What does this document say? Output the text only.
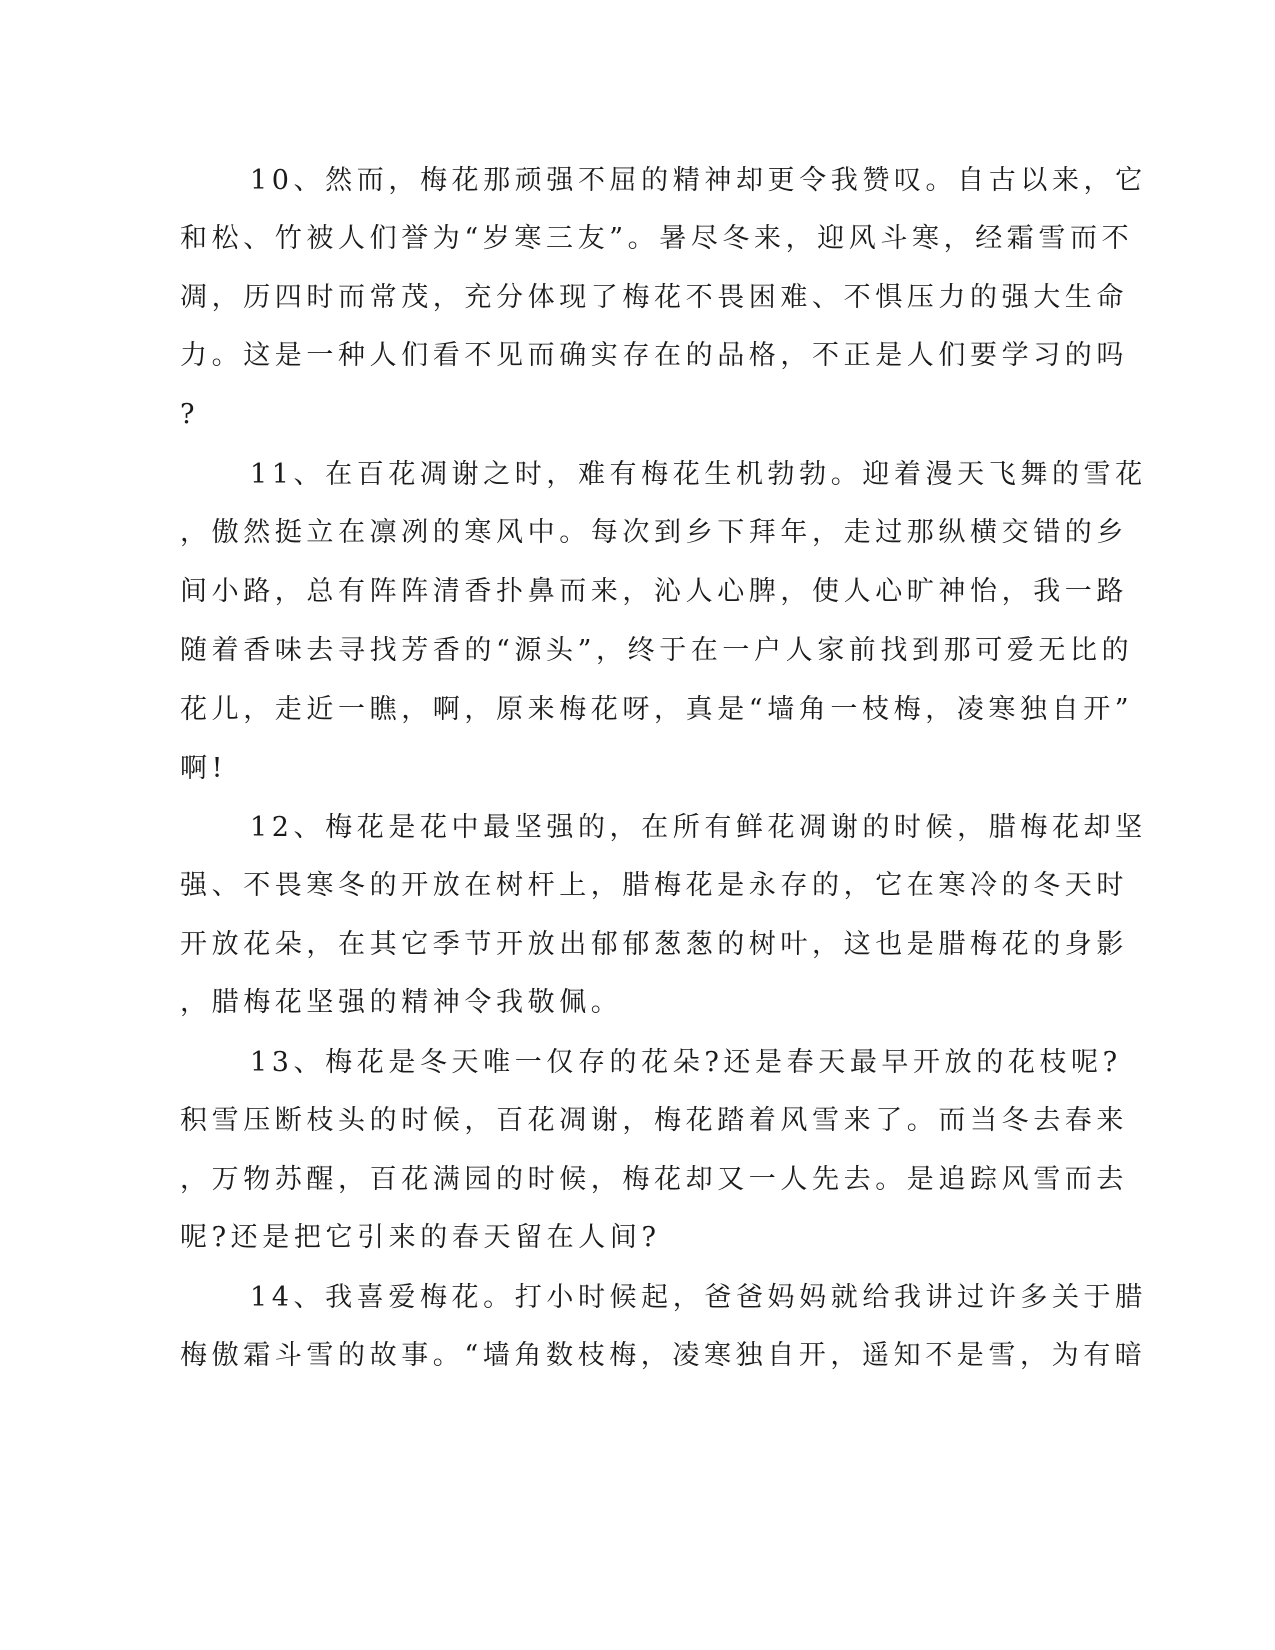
10、然而，梅花那顽强不屈的精神却更令我赞叹。自古以来，它

和松、竹被人们誉为“岁寒三友”。暑尽冬来，迎风斗寒，经霜雪而不

凋，历四时而常茂，充分体现了梅花不畏困难、不惧压力的强大生命

力。这是一种人们看不见而确实存在的品格，不正是人们要学习的吗

?

11、在百花凋谢之时，难有梅花生机勃勃。迎着漫天飞舞的雪花

，傲然挺立在凛冽的寒风中。每次到乡下拜年，走过那纵横交错的乡

间小路，总有阵阵清香扑鼻而来，沁人心脾，使人心旷神怡，我一路

随着香味去寻找芳香的“源头”，终于在一户人家前找到那可爱无比的

花儿，走近一瞧，啊，原来梅花呀，真是“墙角一枝梅，凌寒独自开”

啊!

12、梅花是花中最坚强的，在所有鲜花凋谢的时候，腊梅花却坚

强、不畏寒冬的开放在树杆上，腊梅花是永存的，它在寒冷的冬天时

开放花朵，在其它季节开放出郁郁葱葱的树叶，这也是腊梅花的身影

，腊梅花坚强的精神令我敬佩。

13、梅花是冬天唯一仅存的花朵?还是春天最早开放的花枝呢?

积雪压断枝头的时候，百花凋谢，梅花踏着风雪来了。而当冬去春来

，万物苏醒，百花满园的时候，梅花却又一人先去。是追踪风雪而去

呢?还是把它引来的春天留在人间?

14、我喜爱梅花。打小时候起，爸爸妈妈就给我讲过许多关于腊

梅傲霜斗雪的故事。“墙角数枝梅，凌寒独自开，遥知不是雪，为有暗
